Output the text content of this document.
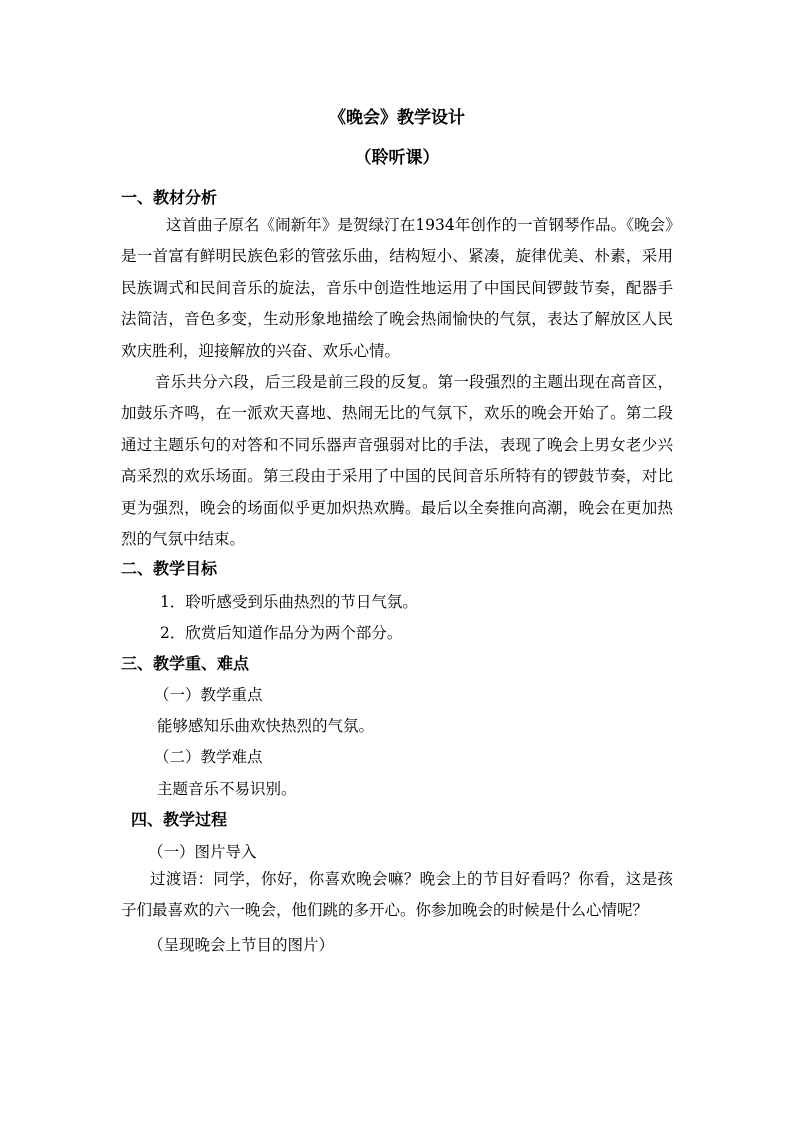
《晚会》教学设计
（聆听课）
一、教材分析
这首曲子原名《闹新年》是贺绿汀在1934年创作的一首钢琴作品。《晚会》是一首富有鲜明民族色彩的管弦乐曲，结构短小、紧凑，旋律优美、朴素，采用民族调式和民间音乐的旋法，音乐中创造性地运用了中国民间锣鼓节奏，配器手法简洁，音色多变，生动形象地描绘了晚会热闹愉快的气氛，表达了解放区人民欢庆胜利，迎接解放的兴奋、欢乐心情。
音乐共分六段，后三段是前三段的反复。第一段强烈的主题出现在高音区，加鼓乐齐鸣，在一派欢天喜地、热闹无比的气氛下，欢乐的晚会开始了。第二段通过主题乐句的对答和不同乐器声音强弱对比的手法，表现了晚会上男女老少兴高采烈的欢乐场面。第三段由于采用了中国的民间音乐所特有的锣鼓节奏，对比更为强烈，晚会的场面似乎更加炽热欢腾。最后以全奏推向高潮，晚会在更加热烈的气氛中结束。
二、教学目标
1．聆听感受到乐曲热烈的节日气氛。
2．欣赏后知道作品分为两个部分。
三、教学重、难点
（一）教学重点
能够感知乐曲欢快热烈的气氛。
（二）教学难点
主题音乐不易识别。
四、教学过程
（一）图片导入
过渡语：同学，你好，你喜欢晚会嘛？晚会上的节目好看吗？你看，这是孩子们最喜欢的六一晚会，他们跳的多开心。你参加晚会的时候是什么心情呢？
（呈现晚会上节目的图片）
